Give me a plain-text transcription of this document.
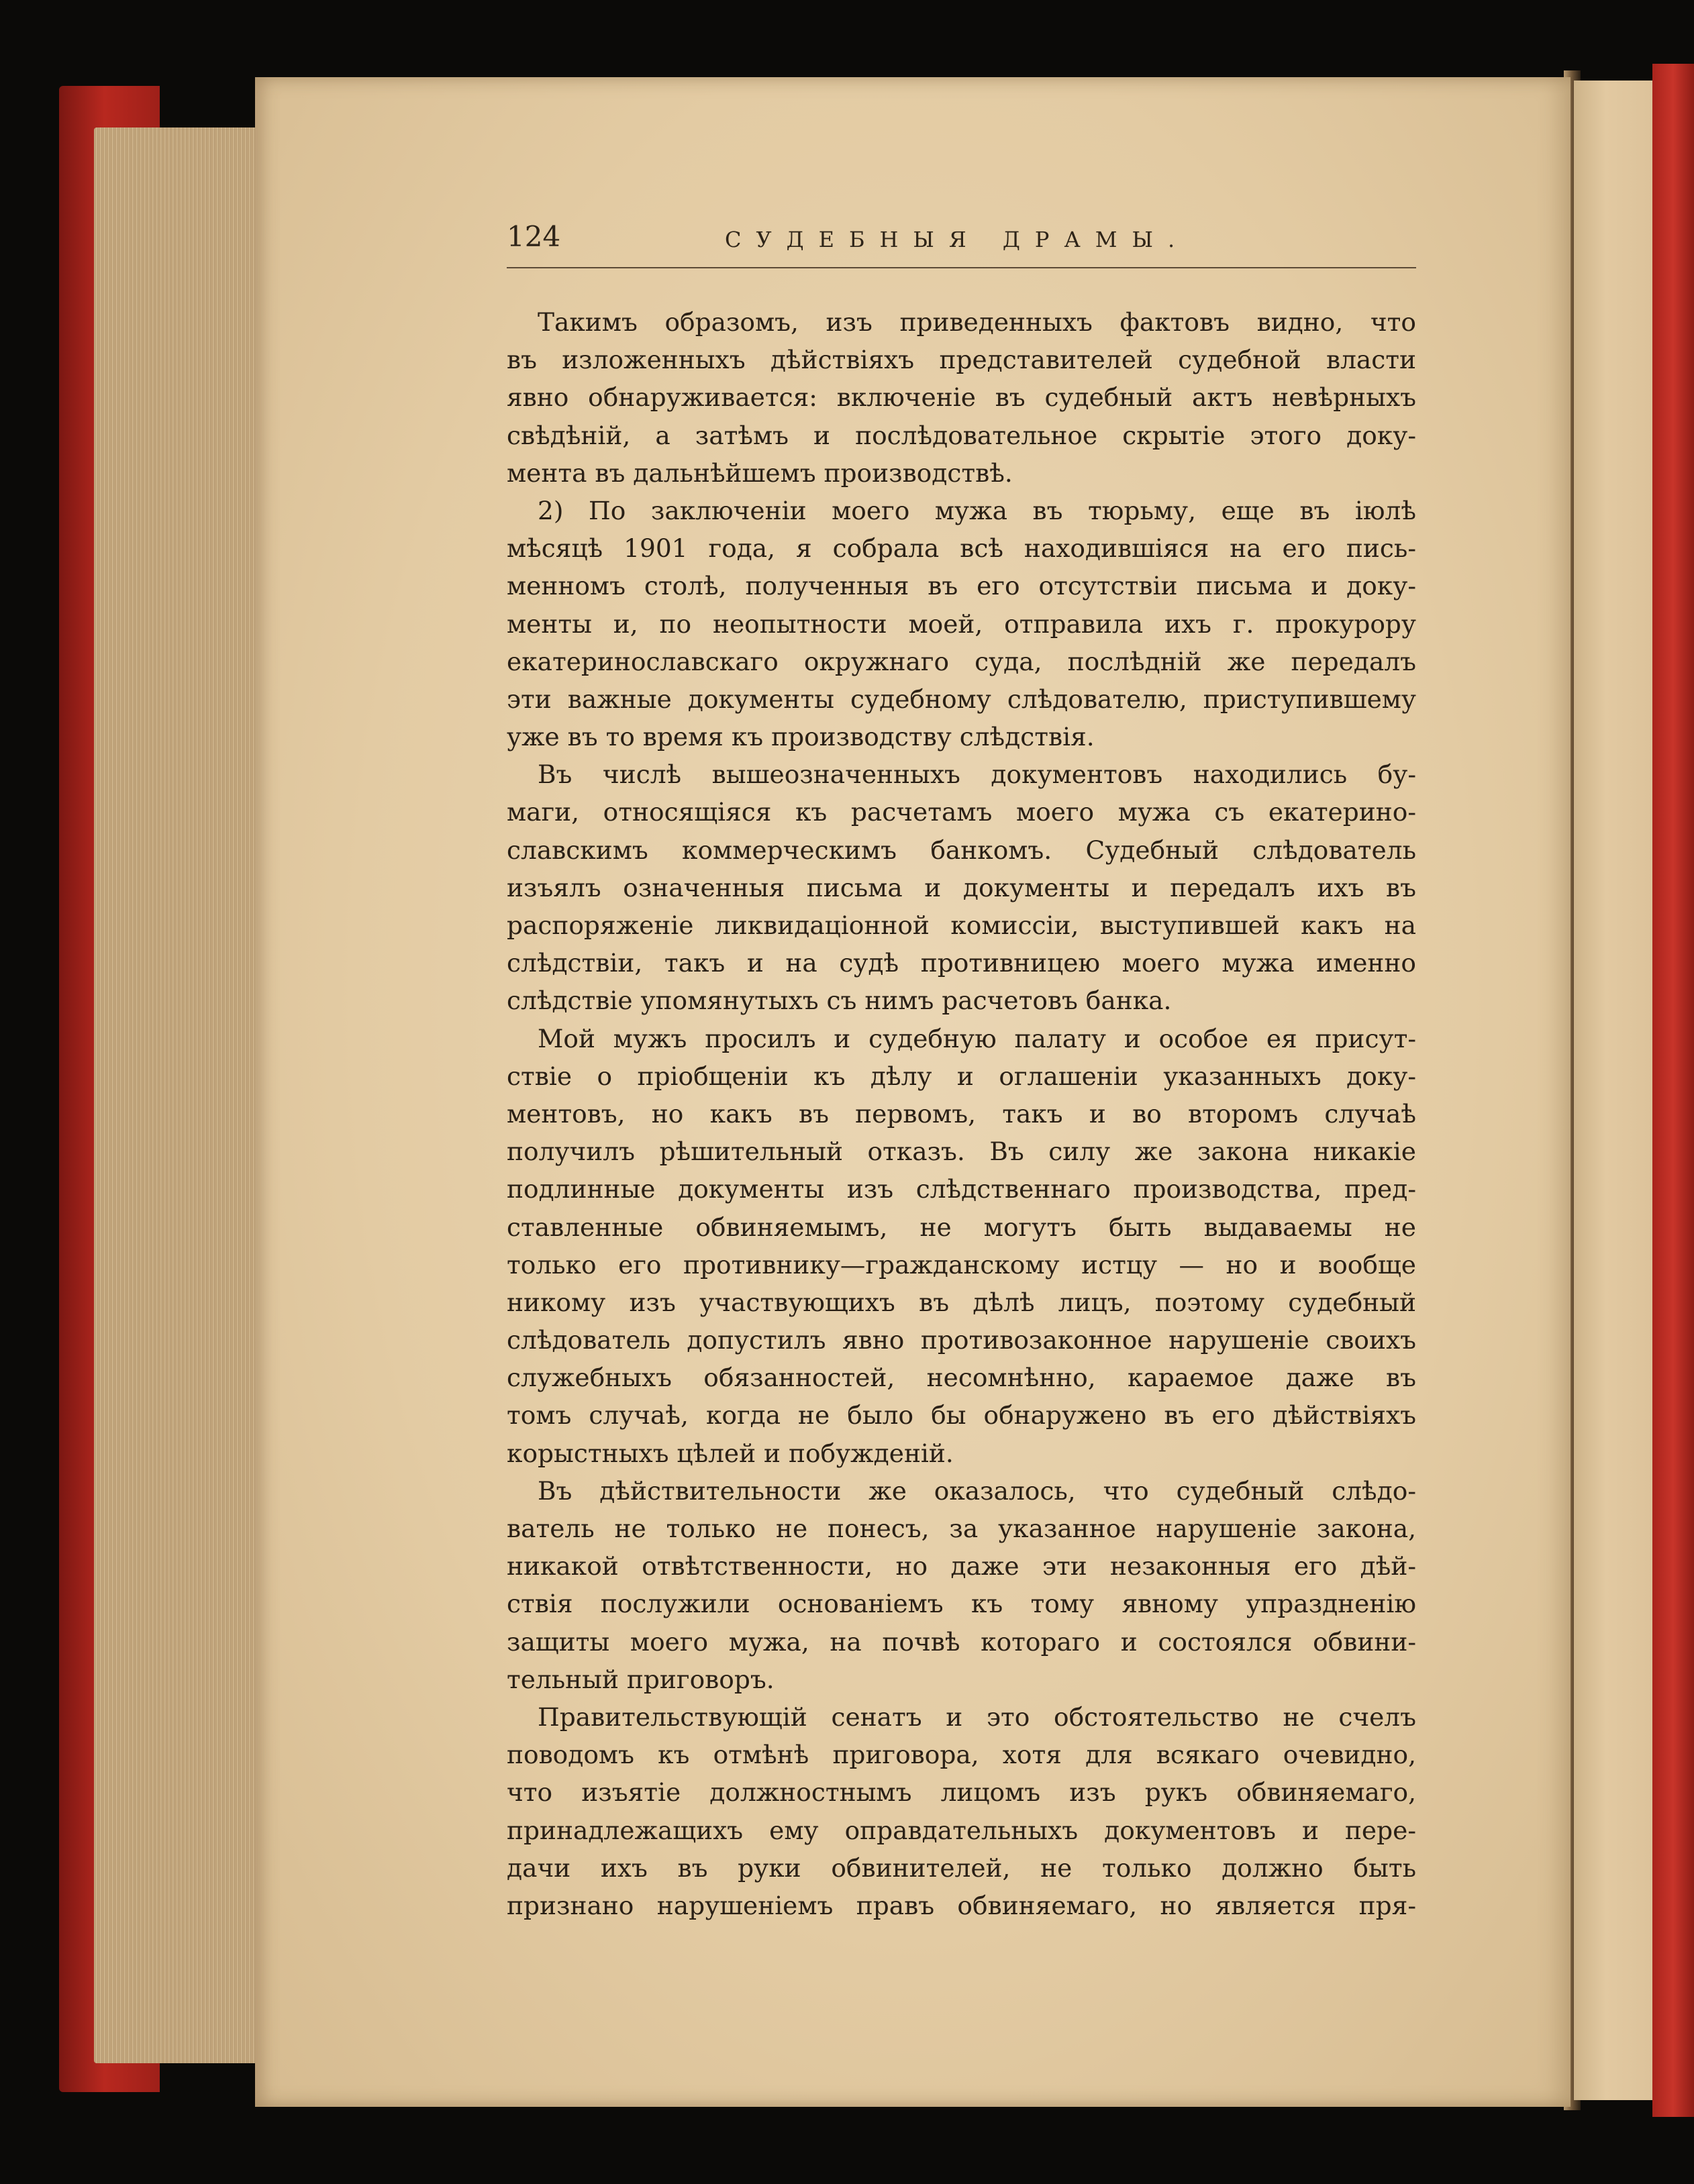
124	СУДЕБНЫЯ ДРАМЫ.
Такимъ образомъ, изъ приведенныхъ фактовъ видно, что
въ изложенныхъ дѣйствіяхъ представителей судебной власти
явно обнаруживается: включеніе въ судебный актъ невѣрныхъ
свѣдѣній, а затѣмъ и послѣдовательное скрытіе этого доку-
мента въ дальнѣйшемъ производствѣ.
2) По заключеніи моего мужа въ тюрьму, еще въ іюлѣ
мѣсяцѣ 1901 года, я собрала всѣ находившіяся на его пись-
менномъ столѣ, полученныя въ его отсутствіи письма и доку-
менты и, по неопытности моей, отправила ихъ г. прокурору
екатеринославскаго окружнаго суда, послѣдній же передалъ
эти важные документы судебному слѣдователю, приступившему
уже въ то время къ производству слѣдствія.
Въ числѣ вышеозначенныхъ документовъ находились бу-
маги, относящіяся къ расчетамъ моего мужа съ екатерино-
славскимъ коммерческимъ банкомъ. Судебный слѣдователь
изъялъ означенныя письма и документы и передалъ ихъ въ
распоряженіе ликвидаціонной комиссіи, выступившей какъ на
слѣдствіи, такъ и на судѣ противницею моего мужа именно
слѣдствіе упомянутыхъ съ нимъ расчетовъ банка.
Мой мужъ просилъ и судебную палату и особое ея присут-
ствіе о пріобщеніи къ дѣлу и оглашеніи указанныхъ доку-
ментовъ, но какъ въ первомъ, такъ и во второмъ случаѣ
получилъ рѣшительный отказъ. Въ силу же закона никакіе
подлинные документы изъ слѣдственнаго производства, пред-
ставленные обвиняемымъ, не могутъ быть выдаваемы не
только его противнику—гражданскому истцу — но и вообще
никому изъ участвующихъ въ дѣлѣ лицъ, поэтому судебный
слѣдователь допустилъ явно противозаконное нарушеніе своихъ
служебныхъ обязанностей, несомнѣнно, караемое даже въ
томъ случаѣ, когда не было бы обнаружено въ его дѣйствіяхъ
корыстныхъ цѣлей и побужденій.
Въ дѣйствительности же оказалось, что судебный слѣдо-
ватель не только не понесъ, за указанное нарушеніе закона,
никакой отвѣтственности, но даже эти незаконныя его дѣй-
ствія послужили основаніемъ къ тому явному упраздненію
защиты моего мужа, на почвѣ котораго и состоялся обвини-
тельный приговоръ.
Правительствующій сенатъ и это обстоятельство не счелъ
поводомъ къ отмѣнѣ приговора, хотя для всякаго очевидно,
что изъятіе должностнымъ лицомъ изъ рукъ обвиняемаго,
принадлежащихъ ему оправдательныхъ документовъ и пере-
дачи ихъ въ руки обвинителей, не только должно быть
признано нарушеніемъ правъ обвиняемаго, но является пря-
